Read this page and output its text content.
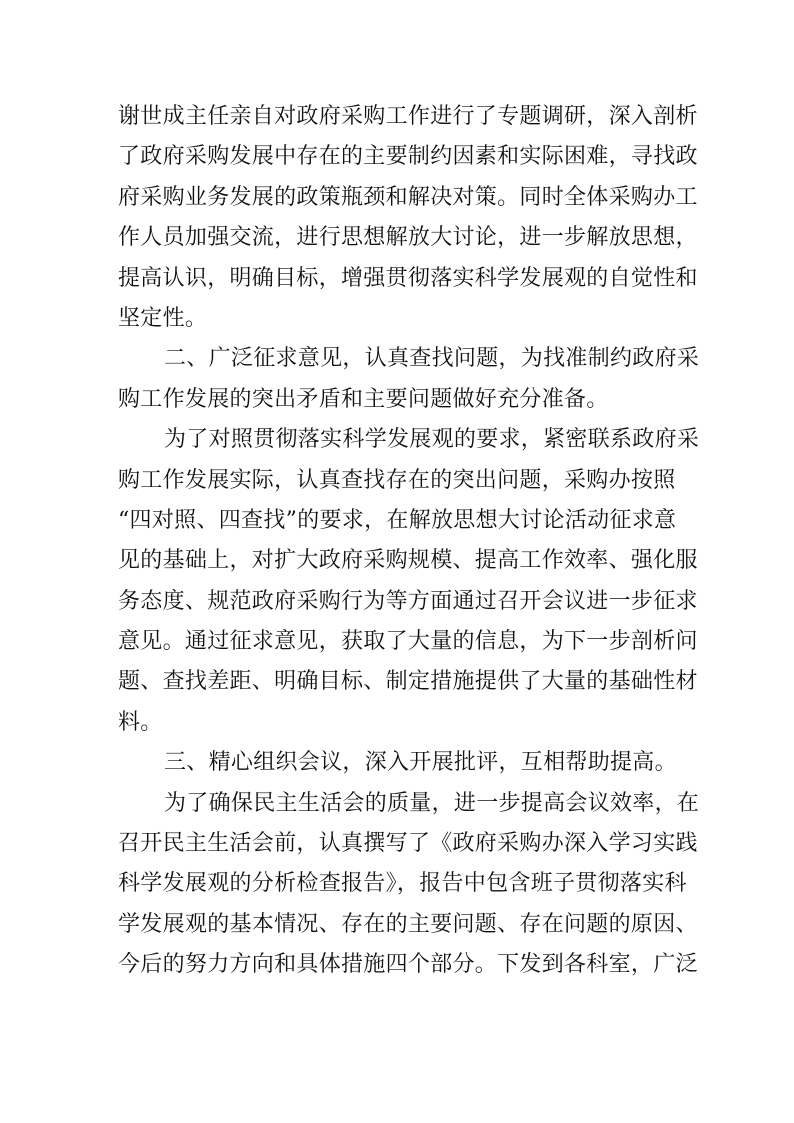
谢世成主任亲自对政府采购工作进行了专题调研，深入剖析
了政府采购发展中存在的主要制约因素和实际困难，寻找政
府采购业务发展的政策瓶颈和解决对策。同时全体采购办工
作人员加强交流，进行思想解放大讨论，进一步解放思想，
提高认识，明确目标，增强贯彻落实科学发展观的自觉性和
坚定性。
二、广泛征求意见，认真查找问题，为找准制约政府采
购工作发展的突出矛盾和主要问题做好充分准备。
为了对照贯彻落实科学发展观的要求，紧密联系政府采
购工作发展实际，认真查找存在的突出问题，采购办按照
“四对照、四查找”的要求，在解放思想大讨论活动征求意
见的基础上，对扩大政府采购规模、提高工作效率、强化服
务态度、规范政府采购行为等方面通过召开会议进一步征求
意见。通过征求意见，获取了大量的信息，为下一步剖析问
题、查找差距、明确目标、制定措施提供了大量的基础性材
料。
三、精心组织会议，深入开展批评，互相帮助提高。
为了确保民主生活会的质量，进一步提高会议效率，在
召开民主生活会前，认真撰写了《政府采购办深入学习实践
科学发展观的分析检查报告》，报告中包含班子贯彻落实科
学发展观的基本情况、存在的主要问题、存在问题的原因、
今后的努力方向和具体措施四个部分。下发到各科室，广泛
